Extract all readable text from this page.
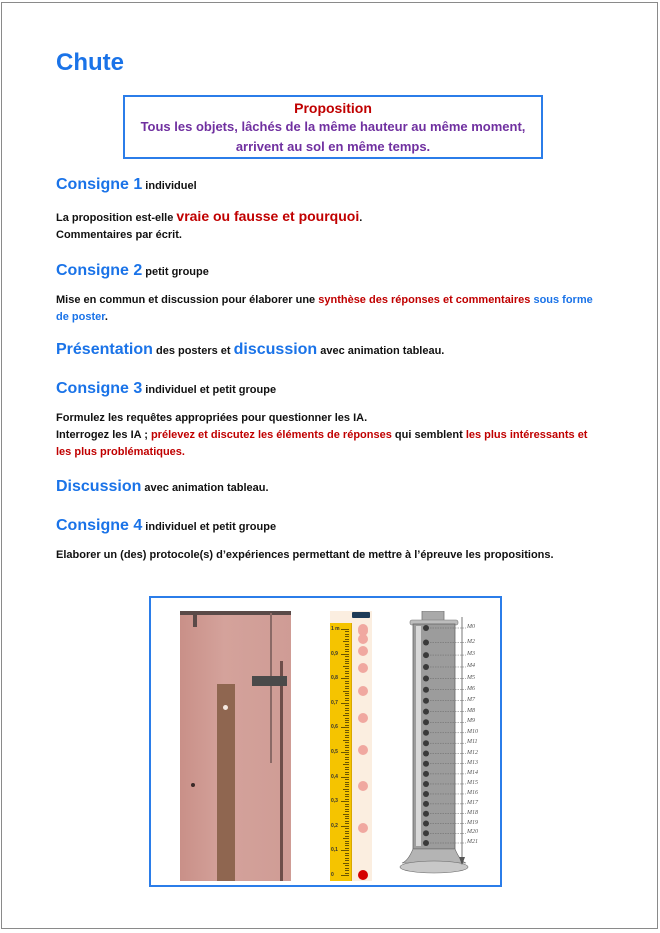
Chute
Proposition
Tous les objets, lâchés de la même hauteur au même moment,
arrivent au sol en même temps.
Consigne 1 individuel
La proposition est-elle vraie ou fausse et pourquoi.
Commentaires par écrit.
Consigne 2 petit groupe
Mise en commun et discussion pour élaborer une synthèse des réponses et commentaires sous forme
de poster.
Présentation des posters et discussion avec animation tableau.
Consigne 3 individuel et petit groupe
Formulez les requêtes appropriées pour questionner les IA.
Interrogez les IA ; prélevez et discutez les éléments de réponses qui semblent les plus intéressants et
les plus problématiques.
Discussion avec animation tableau.
Consigne 4 individuel et petit groupe
Elaborer un (des) protocole(s) d’expériences permettant de mettre à l’épreuve les propositions.
1 m
0,9
0,8
0,7
0,6
0,5
0,4
0,3
0,2
0,1
0
M0
M2
M3
M4
M5
M6
M7
M8
M9
M10
M11
M12
M13
M14
M15
M16
M17
M18
M19
M20
M21
